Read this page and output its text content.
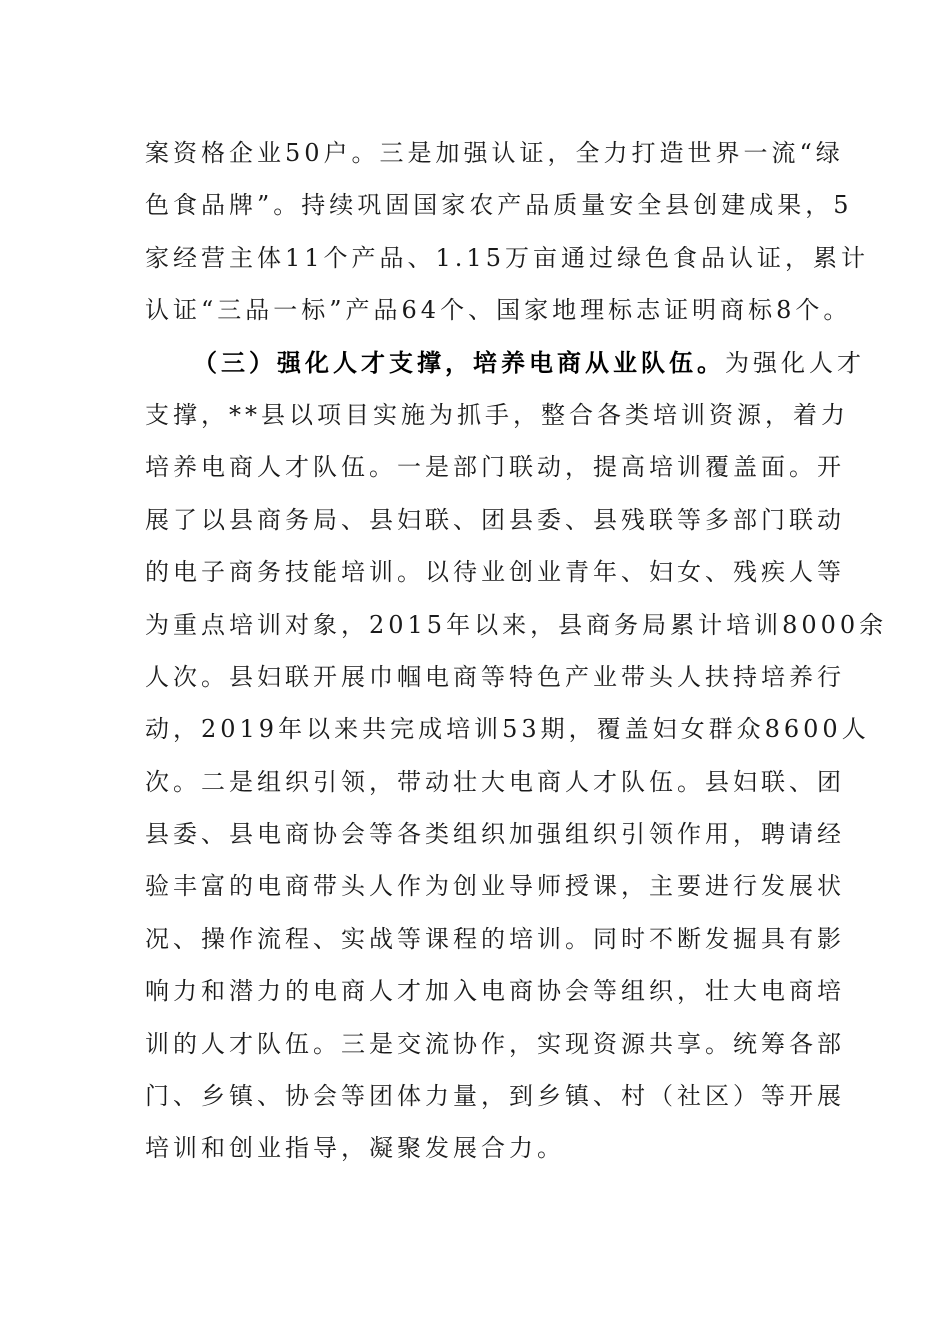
案资格企业50户。三是加强认证，全力打造世界一流“绿
色食品牌”。持续巩固国家农产品质量安全县创建成果，5
家经营主体11个产品、1.15万亩通过绿色食品认证，累计
认证“三品一标”产品64个、国家地理标志证明商标8个。
（三）强化人才支撑，培养电商从业队伍。为强化人才
支撑，**县以项目实施为抓手，整合各类培训资源，着力
培养电商人才队伍。一是部门联动，提高培训覆盖面。开
展了以县商务局、县妇联、团县委、县残联等多部门联动
的电子商务技能培训。以待业创业青年、妇女、残疾人等
为重点培训对象，2015年以来，县商务局累计培训8000余
人次。县妇联开展巾帼电商等特色产业带头人扶持培养行
动，2019年以来共完成培训53期，覆盖妇女群众8600人
次。二是组织引领，带动壮大电商人才队伍。县妇联、团
县委、县电商协会等各类组织加强组织引领作用，聘请经
验丰富的电商带头人作为创业导师授课，主要进行发展状
况、操作流程、实战等课程的培训。同时不断发掘具有影
响力和潜力的电商人才加入电商协会等组织，壮大电商培
训的人才队伍。三是交流协作，实现资源共享。统筹各部
门、乡镇、协会等团体力量，到乡镇、村（社区）等开展
培训和创业指导，凝聚发展合力。
